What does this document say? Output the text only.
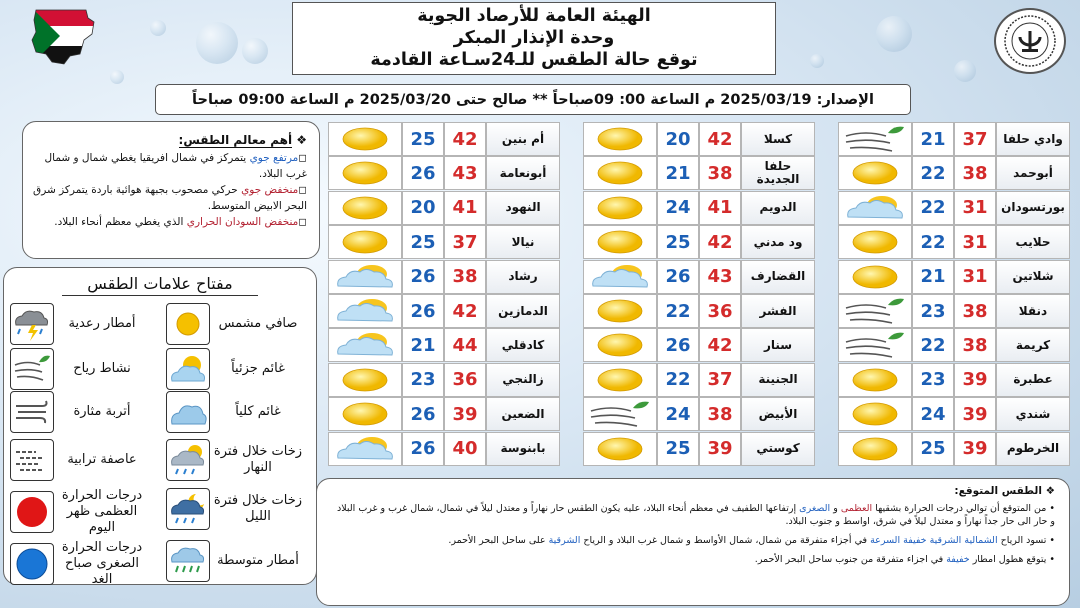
الهيئة العامة للأرصاد الجوية
وحدة الإنذار المبكر
توقع حالة الطقس للـ24سـاعة القادمة
الإصدار: 2025/03/19 م الساعة 00: 09صباحاً ** صالح حتى 2025/03/20 م الساعة 09:00 صباحاً
❖ أهم معالم الطقس:

◻مرتفع جوي يتمركز في شمال افريقيا يغطي شمال و شمال غرب البلاد.

◻منخفض جوي حركي مصحوب بجبهة هوائية باردة يتمركز شرق البحر الابيض المتوسط.

◻منخفض السودان الحراري الذي يغطي معظم أنحاء البلاد.

مفتاح علامات الطقس
صافي مشمس
غائم جزئياً
غائم كلياً
زخات خلال فترة النهار
زخات خلال فترة الليل
أمطار متوسطة
أمطار رعدية
نشاط رياح
أتربة مثارة
عاصفة ترابية
درجات الحرارة العظمى ظهر اليوم
درجات الحرارة الصغرى صباح الغد
21 37	وادي حلفا
22 38	أبوحمد
22 31	بورتسودان
22 31	حلايب
21 31	شلاتين
23 38	دنقلا
22 38	كريمة
23 39	عطبرة
24 39	شندي
25 39	الخرطوم
20 42	كسلا
21 38	حلفا الجديدة
24 41	الدويم
25 42	ود مدني
26 43	القضارف
22 36	الفشر
26 42	سنار
22 37	الجنينة
24 38	الأبيض
25 39	كوستي
25 42	أم بنين
26 43	أبونعامة
20 41	النهود
25 37	نيالا
26 38	رشاد
26 42	الدمازين
21 44	كادقلي
23 36	زالنجي
26 39	الضعين
26 40	بابنوسة
❖ الطقس المتوقع:

• من المتوقع أن توالي درجات الحرارة بشقيها العظمى و الصغرى إرتفاعها الطفيف في معظم أنحاء البلاد، عليه يكون الطقس حار نهاراً و معتدل ليلاً في شمال، شمال غرب و غرب البلاد و حار الى حار جداً نهاراً و معتدل ليلاً في شرق، اواسط و جنوب البلاد.

• تسود الرياح الشمالية الشرقية خفيفة السرعة في أجزاء متفرقة من شمال، شمال الأواسط و شمال غرب البلاد و الرياح الشرقية على ساحل البحر الأحمر.

• يتوقع هطول امطار خفيفة في اجزاء متفرقة من جنوب ساحل البحر الأحمر.
